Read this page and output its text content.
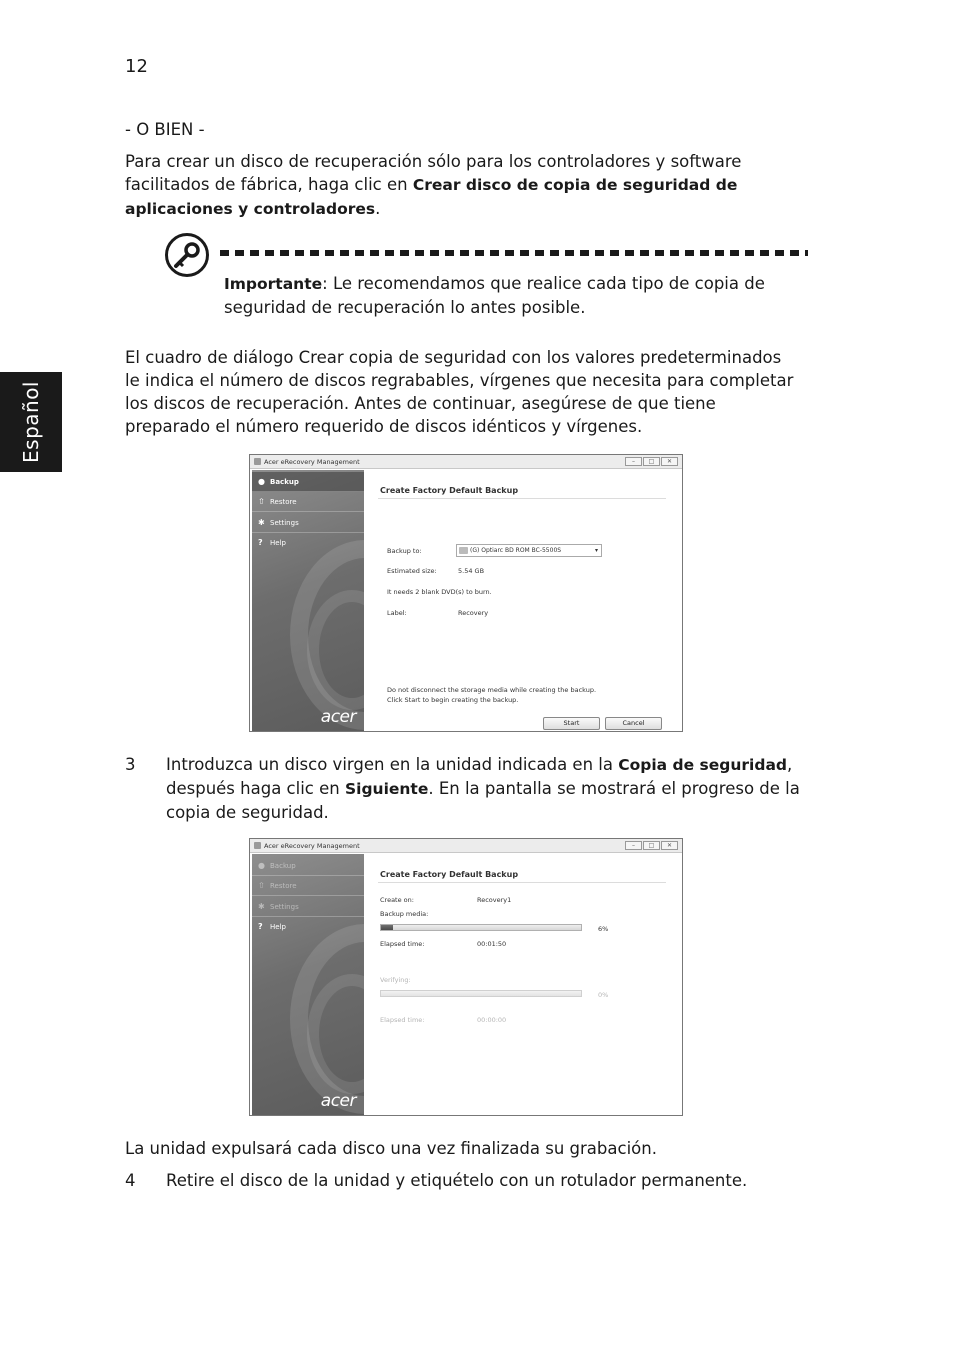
12
Español
- O BIEN -
Para crear un disco de recuperación sólo para los controladores y software
facilitados de fábrica, haga clic en Crear disco de copia de seguridad de
aplicaciones y controladores.
Importante: Le recomendamos que realice cada tipo de copia de
seguridad de recuperación lo antes posible.
El cuadro de diálogo Crear copia de seguridad con los valores predeterminados
le indica el número de discos regrabables, vírgenes que necesita para completar
los discos de recuperación. Antes de continuar, asegúrese de que tiene
preparado el número requerido de discos idénticos y vírgenes.
Acer eRecovery Management	–	□	✕
● Backup
⇧ Restore
✱ Settings
?	Help
acer
Create Factory Default Backup
Backup to:	(G) Optiarc BD ROM BC-5500S	▾
Estimated size:	5.54 GB
It needs 2 blank DVD(s) to burn.
Label:	Recovery
Do not disconnect the storage media while creating the backup.
Click Start to begin creating the backup.
Start	Cancel
3 Introduzca un disco virgen en la unidad indicada en la Copia de seguridad,
después haga clic en Siguiente. En la pantalla se mostrará el progreso de la
copia de seguridad.
Acer eRecovery Management	–	□	✕
● Backup
⇧ Restore
✱ Settings
?	Help
acer
Create Factory Default Backup
Create on:	Recovery1
Backup media:
6%
Elapsed time:	00:01:50
Verifying:
0%
Elapsed time:	00:00:00
La unidad expulsará cada disco una vez finalizada su grabación.
4 Retire el disco de la unidad y etiquételo con un rotulador permanente.
